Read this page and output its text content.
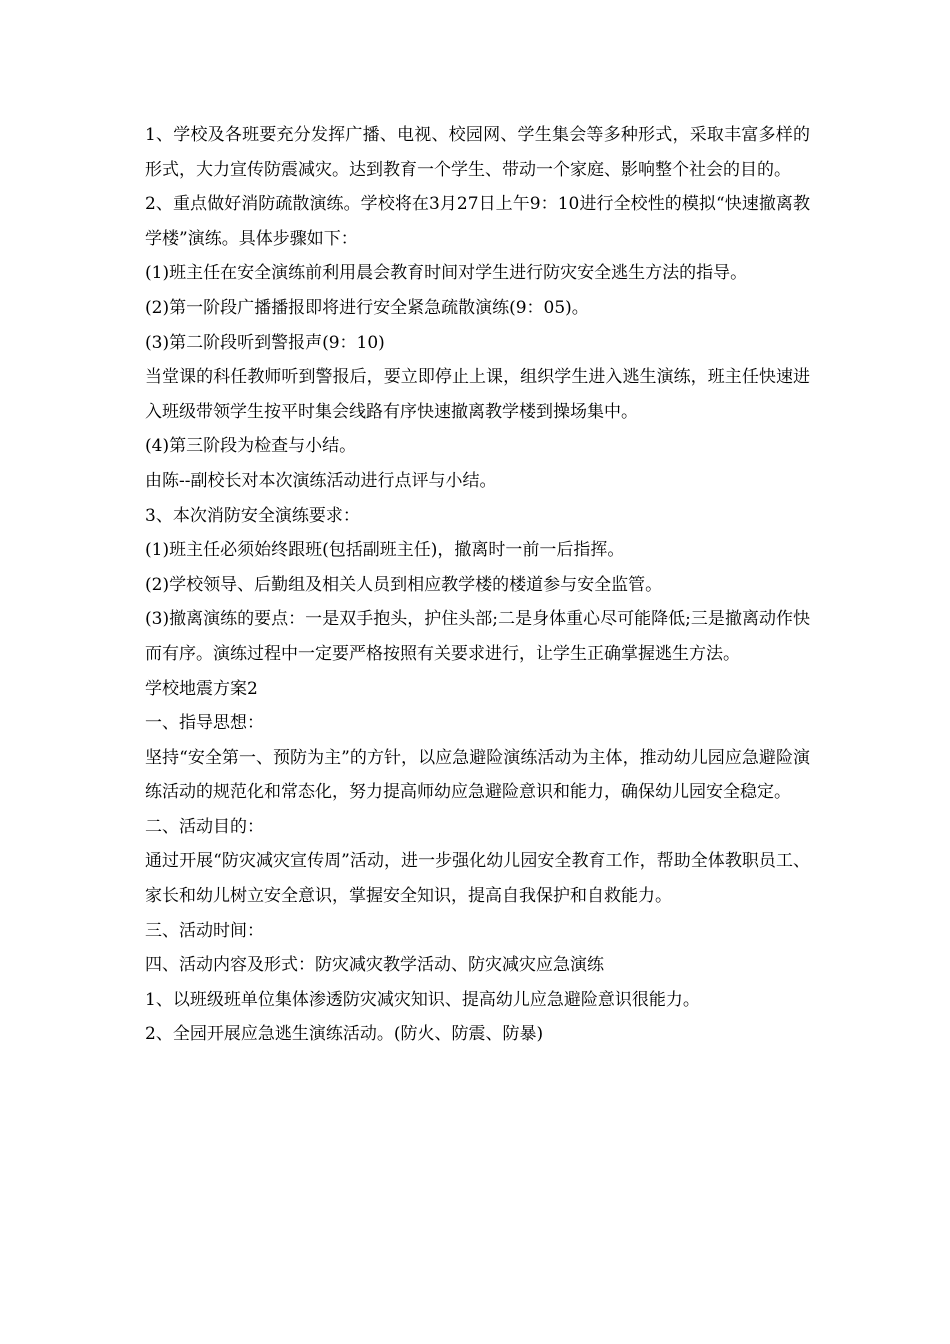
1、学校及各班要充分发挥广播、电视、校园网、学生集会等多种形式，采取丰富多样的形式，大力宣传防震减灾。达到教育一个学生、带动一个家庭、影响整个社会的目的。

2、重点做好消防疏散演练。学校将在3月27日上午9：10进行全校性的模拟“快速撤离教学楼”演练。具体步骤如下：

(1)班主任在安全演练前利用晨会教育时间对学生进行防灾安全逃生方法的指导。

(2)第一阶段广播播报即将进行安全紧急疏散演练(9：05)。

(3)第二阶段听到警报声(9：10)

当堂课的科任教师听到警报后，要立即停止上课，组织学生进入逃生演练，班主任快速进入班级带领学生按平时集会线路有序快速撤离教学楼到操场集中。

(4)第三阶段为检查与小结。

由陈--副校长对本次演练活动进行点评与小结。

3、本次消防安全演练要求：

(1)班主任必须始终跟班(包括副班主任)，撤离时一前一后指挥。

(2)学校领导、后勤组及相关人员到相应教学楼的楼道参与安全监管。

(3)撤离演练的要点：一是双手抱头，护住头部;二是身体重心尽可能降低;三是撤离动作快而有序。演练过程中一定要严格按照有关要求进行，让学生正确掌握逃生方法。

学校地震方案2

一、指导思想：

坚持“安全第一、预防为主”的方针，以应急避险演练活动为主体，推动幼儿园应急避险演练活动的规范化和常态化，努力提高师幼应急避险意识和能力，确保幼儿园安全稳定。

二、活动目的：

通过开展“防灾减灾宣传周”活动，进一步强化幼儿园安全教育工作，帮助全体教职员工、家长和幼儿树立安全意识，掌握安全知识，提高自我保护和自救能力。

三、活动时间：

四、活动内容及形式：防灾减灾教学活动、防灾减灾应急演练

1、以班级班单位集体渗透防灾减灾知识、提高幼儿应急避险意识很能力。

2、全园开展应急逃生演练活动。(防火、防震、防暴)
